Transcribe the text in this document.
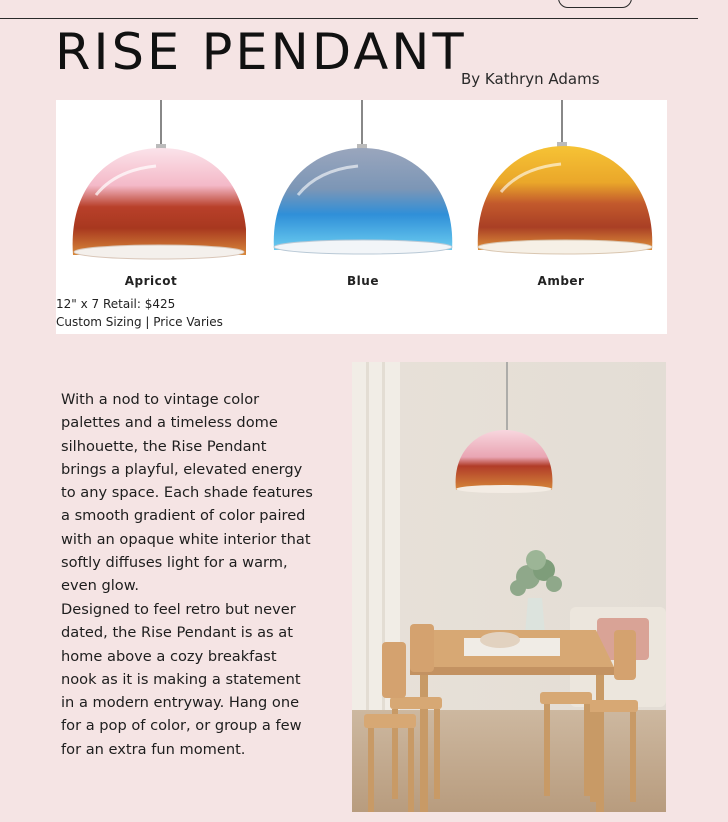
RISE PENDANT
By Kathryn Adams
Apricot	Blue	Amber
12" x 7 Retail: $425
Custom Sizing | Price Varies

With a nod to vintage color palettes and a timeless dome silhouette, the Rise Pendant brings a playful, elevated energy to any space. Each shade features a smooth gradient of color paired with an opaque white interior that softly diffuses light for a warm, even glow.

Designed to feel retro but never dated, the Rise Pendant is as at home above a cozy breakfast nook as it is making a statement in a modern entryway. Hang one for a pop of color, or group a few for an extra fun moment.
